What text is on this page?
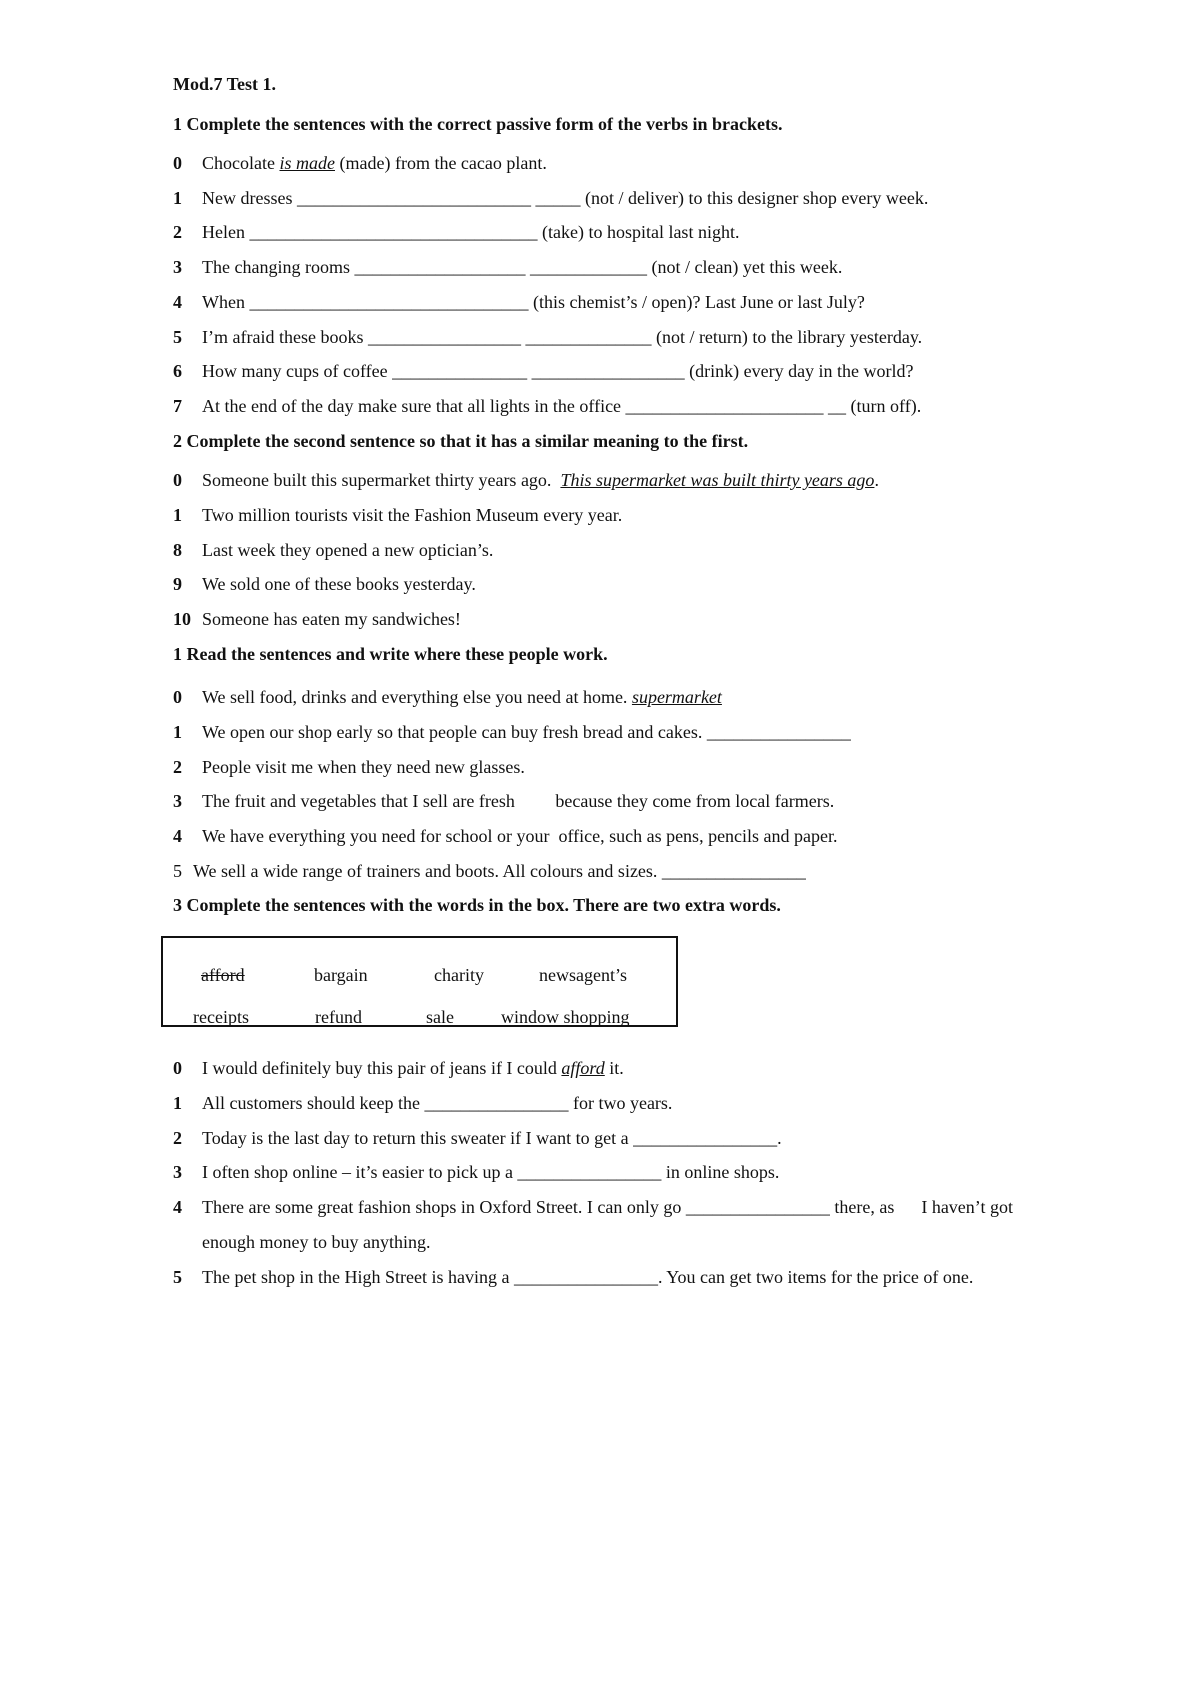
Mod.7 Test 1.
1 Complete the sentences with the correct passive form of the verbs in brackets.
0 Chocolate is made (made) from the cacao plant.
1 New dresses __________________________ _____ (not / deliver) to this designer shop every week.
2 Helen ________________________________ (take) to hospital last night.
3 The changing rooms ___________________ _____________ (not / clean) yet this week.
4 When _______________________________ (this chemist’s / open)? Last June or last July?
5 I’m afraid these books _________________ ______________ (not / return) to the library yesterday.
6 How many cups of coffee _______________ _________________ (drink) every day in the world?
7 At the end of the day make sure that all lights in the office ______________________ __ (turn off).
2 Complete the second sentence so that it has a similar meaning to the first.
0 Someone built this supermarket thirty years ago.  This supermarket was built thirty years ago.
1 Two million tourists visit the Fashion Museum every year.
8 Last week they opened a new optician’s.
9 We sold one of these books yesterday.
10 Someone has eaten my sandwiches!
1 Read the sentences and write where these people work.
0 We sell food, drinks and everything else you need at home. supermarket
1 We open our shop early so that people can buy fresh bread and cakes. ________________
2 People visit me when they need new glasses.
3 The fruit and vegetables that I sell are fresh         because they come from local farmers.
4 We have everything you need for school or your  office, such as pens, pencils and paper.
5 We sell a wide range of trainers and boots. All colours and sizes. ________________
3 Complete the sentences with the words in the box. There are two extra words.
afford	bargain	charity	newsagent’s
receipts	refund	sale	window shopping
0 I would definitely buy this pair of jeans if I could afford it.
1 All customers should keep the ________________ for two years.
2 Today is the last day to return this sweater if I want to get a ________________.
3 I often shop online – it’s easier to pick up a ________________ in online shops.
4 There are some great fashion shops in Oxford Street. I can only go ________________ there, as      I haven’t got
enough money to buy anything.
5 The pet shop in the High Street is having a ________________. You can get two items for the price of one.
